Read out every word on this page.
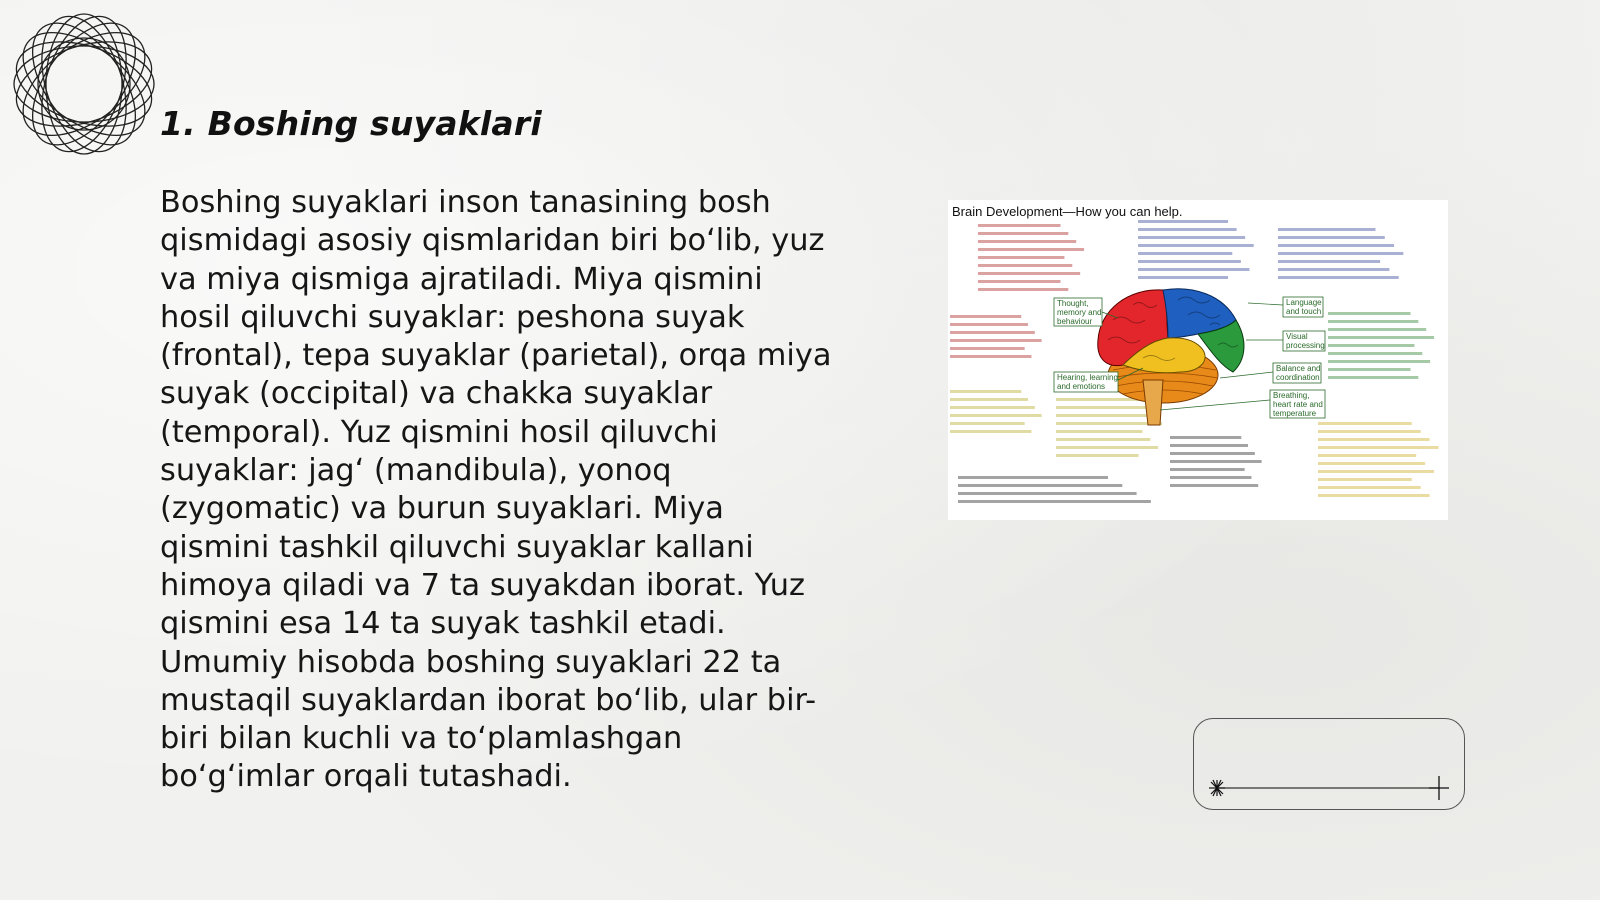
1. Boshing suyaklari

Boshing suyaklari inson tanasining bosh qismidagi asosiy qismlaridan biri bo‘lib, yuz va miya qismiga ajratiladi. Miya qismini hosil qiluvchi suyaklar: peshona suyak (frontal), tepa suyaklar (parietal), orqa miya suyak (occipital) va chakka suyaklar (temporal). Yuz qismini hosil qiluvchi suyaklar: jag‘ (mandibula), yonoq (zygomatic) va burun suyaklari. Miya qismini tashkil qiluvchi suyaklar kallani himoya qiladi va 7 ta suyakdan iborat. Yuz qismini esa 14 ta suyak tashkil etadi. Umumiy hisobda boshing suyaklari 22 ta mustaqil suyaklardan iborat bo‘lib, ular bir-biri bilan kuchli va to‘plamlashgan bo‘g‘imlar orqali tutashadi.

Thought,
memory and
behaviour
Language
and touch
Visual
processing
Balance and
coordination
Breathing,
heart rate and
temperature
Hearing, learning
and emotions
Brain Development—How you can help.
